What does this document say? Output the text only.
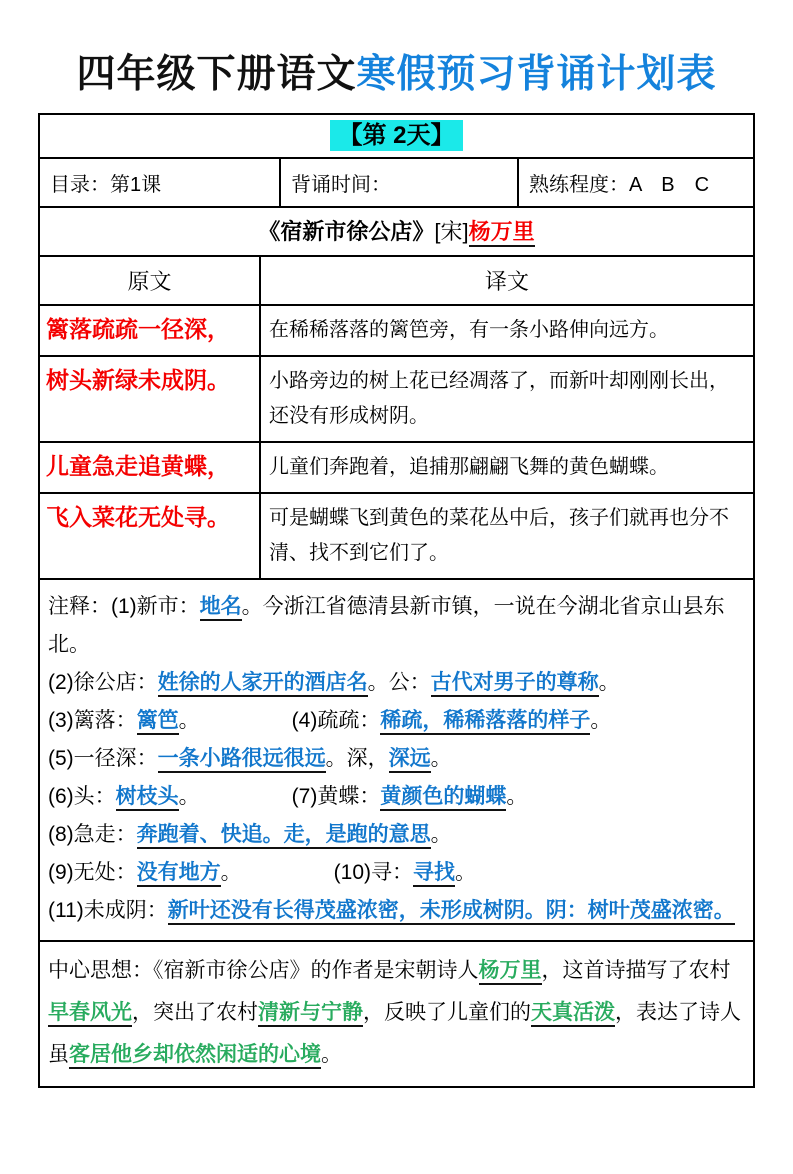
四年级下册语文寒假预习背诵计划表
【第 2天】
目录：第1课	背诵时间：	熟练程度：A　B　C
《宿新市徐公店》[宋]杨万里
原文	译文
篱落疏疏一径深，	在稀稀落落的篱笆旁，有一条小路伸向远方。
树头新绿未成阴。	小路旁边的树上花已经凋落了，而新叶却刚刚长出，还没有形成树阴。
儿童急走追黄蝶，	儿童们奔跑着，追捕那翩翩飞舞的黄色蝴蝶。
飞入菜花无处寻。	可是蝴蝶飞到黄色的菜花丛中后，孩子们就再也分不清、找不到它们了。

注释：(1)新市：地名。今浙江省德清县新市镇，一说在今湖北省京山县东北。

(2)徐公店：姓徐的人家开的酒店名。公：古代对男子的尊称。

(3)篱落：篱笆。	(4)疏疏：稀疏，稀稀落落的样子。

(5)一径深：一条小路很远很远。深，深远。

(6)头：树枝头。	(7)黄蝶：黄颜色的蝴蝶。

(8)急走：奔跑着、快追。走，是跑的意思。

(9)无处：没有地方。	(10)寻：寻找。

(11)未成阴：新叶还没有长得茂盛浓密，未形成树阴。阴：树叶茂盛浓密。

中心思想：《宿新市徐公店》的作者是宋朝诗人杨万里，这首诗描写了农村早春风光，突出了农村清新与宁静，反映了儿童们的天真活泼，表达了诗人虽客居他乡却依然闲适的心境。
